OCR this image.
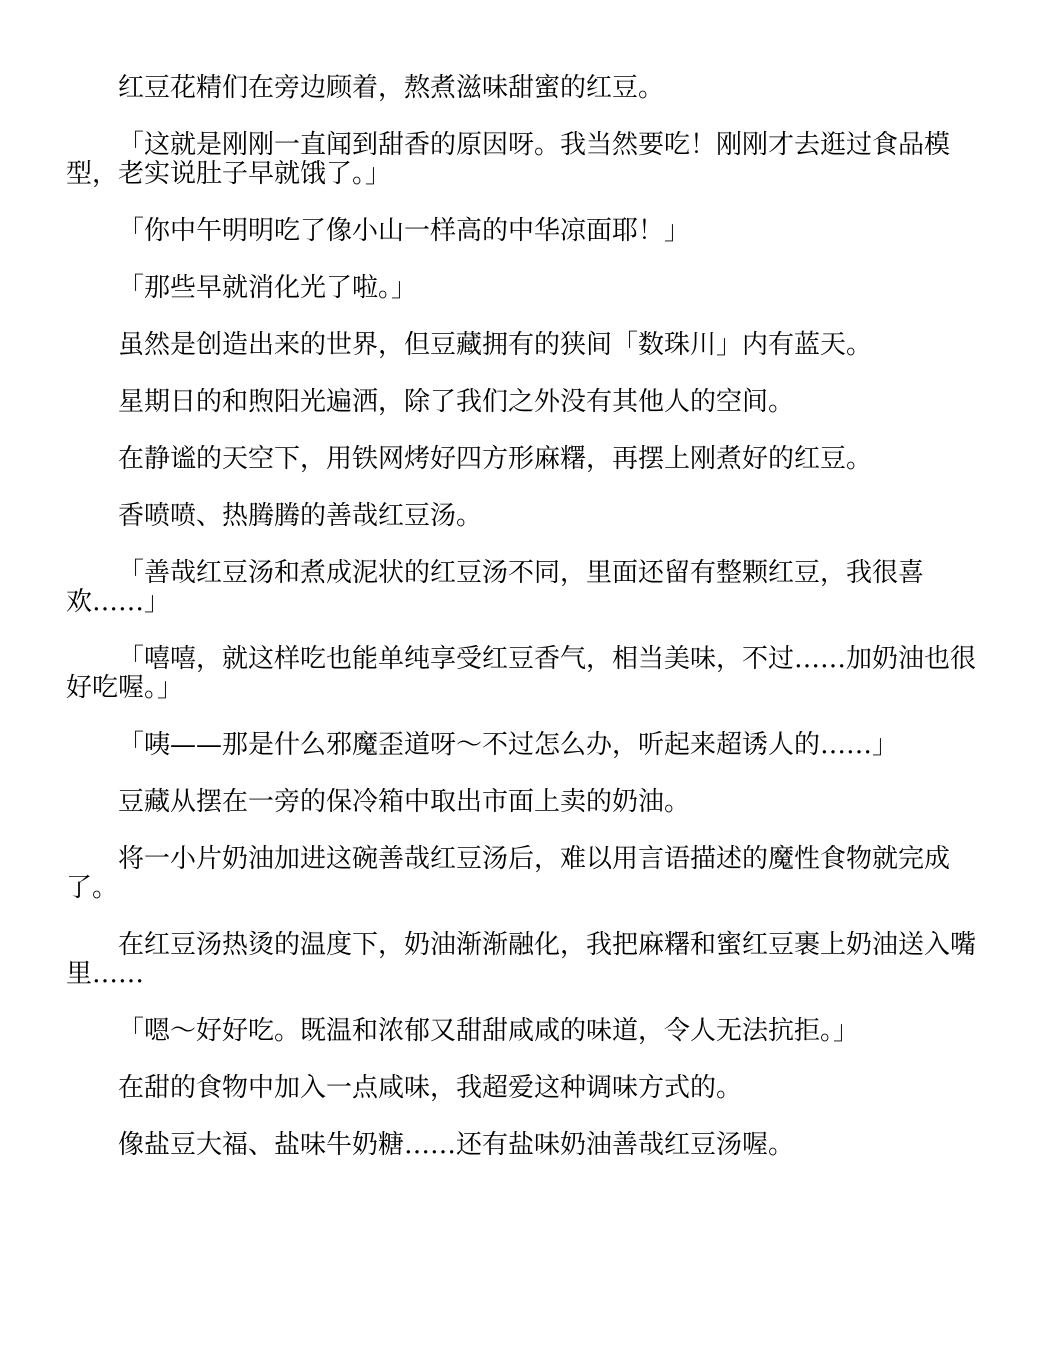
红豆花精们在旁边顾着，熬煮滋味甜蜜的红豆。

「这就是刚刚一直闻到甜香的原因呀。我当然要吃！刚刚才去逛过食品模型，老实说肚子早就饿了。」

「你中午明明吃了像小山一样高的中华凉面耶！」

「那些早就消化光了啦。」

虽然是创造出来的世界，但豆藏拥有的狭间「数珠川」内有蓝天。

星期日的和煦阳光遍洒，除了我们之外没有其他人的空间。

在静谧的天空下，用铁网烤好四方形麻糬，再摆上刚煮好的红豆。

香喷喷、热腾腾的善哉红豆汤。

「善哉红豆汤和煮成泥状的红豆汤不同，里面还留有整颗红豆，我很喜欢……」

「嘻嘻，就这样吃也能单纯享受红豆香气，相当美味，不过……加奶油也很好吃喔。」

「咦——那是什么邪魔歪道呀～不过怎么办，听起来超诱人的……」

豆藏从摆在一旁的保冷箱中取出市面上卖的奶油。

将一小片奶油加进这碗善哉红豆汤后，难以用言语描述的魔性食物就完成了。

在红豆汤热烫的温度下，奶油渐渐融化，我把麻糬和蜜红豆裹上奶油送入嘴里……

「嗯～好好吃。既温和浓郁又甜甜咸咸的味道，令人无法抗拒。」

在甜的食物中加入一点咸味，我超爱这种调味方式的。

像盐豆大福、盐味牛奶糖……还有盐味奶油善哉红豆汤喔。
